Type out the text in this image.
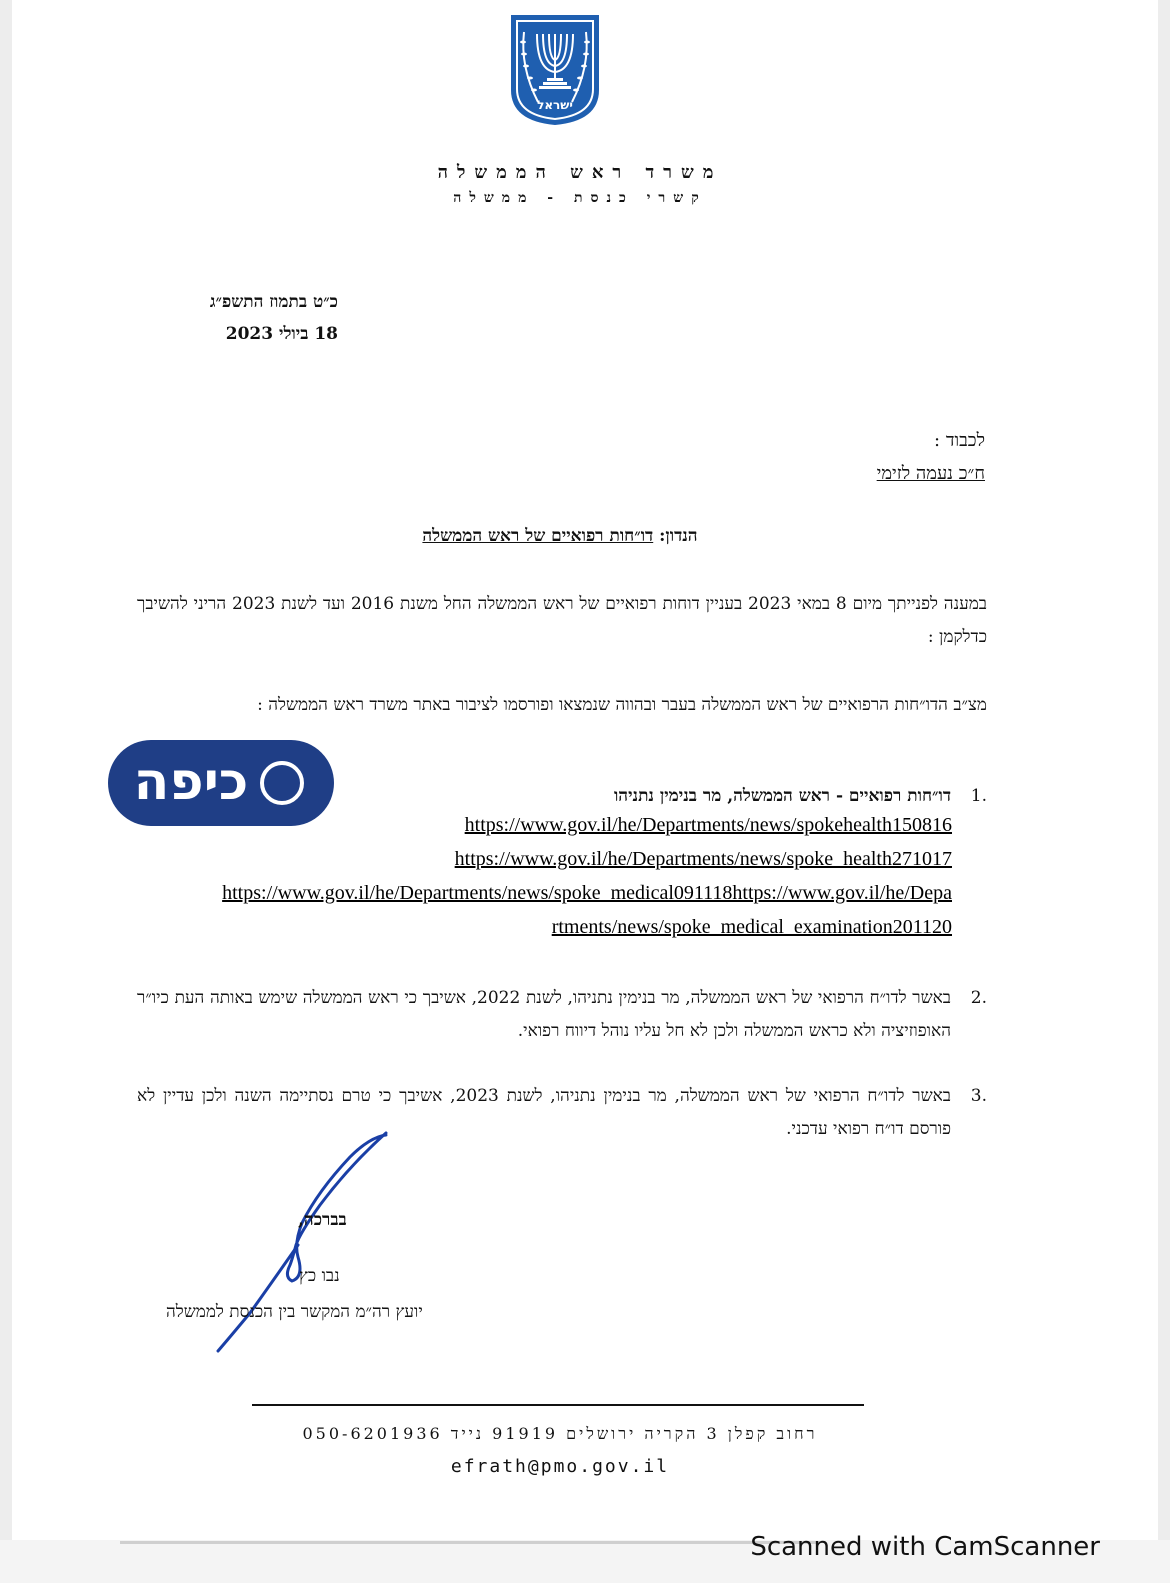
ישראל
משרד ראש הממשלה
קשרי כנסת - ממשלה
כ״ט בתמוז התשפ״ג
18 ביולי 2023
לכבוד :
ח״כ נעמה לזימי
הנדון: דו״חות רפואיים של ראש הממשלה
במענה לפנייתך מיום 8 במאי 2023 בעניין דוחות רפואיים של ראש הממשלה החל משנת 2016 ועד לשנת 2023 הריני להשיבך כדלקמן :
מצ״ב הדו״חות הרפואיים של ראש הממשלה בעבר ובהווה שנמצאו ופורסמו לציבור באתר משרד ראש הממשלה :
.1
דו״חות רפואיים - ראש הממשלה, מר בנימין נתניהו
https://www.gov.il/he/Departments/news/spokehealth150816
https://www.gov.il/he/Departments/news/spoke_health271017
https://www.gov.il/he/Departments/news/spoke_medical091118https://www.gov.il/he/Depa
rtments/news/spoke_medical_examination201120
.2
באשר לדו״ח הרפואי של ראש הממשלה, מר בנימין נתניהו, לשנת 2022, אשיבך כי ראש הממשלה שימש באותה העת כיו״ר האופוזיציה ולא כראש הממשלה ולכן לא חל עליו נוהל דיווח רפואי.
.3
באשר לדו״ח הרפואי של ראש הממשלה, מר בנימין נתניהו, לשנת 2023, אשיבך כי טרם נסתיימה השנה ולכן עדיין לא פורסם דו״ח רפואי עדכני.
כיפה
בברכה,
נבו כץ
יועץ רה״מ המקשר בין הכנסת לממשלה
רחוב קפלן 3 הקריה ירושלים 91919 נייד 050-6201936
efrath@pmo.gov.il
Scanned with CamScanner
